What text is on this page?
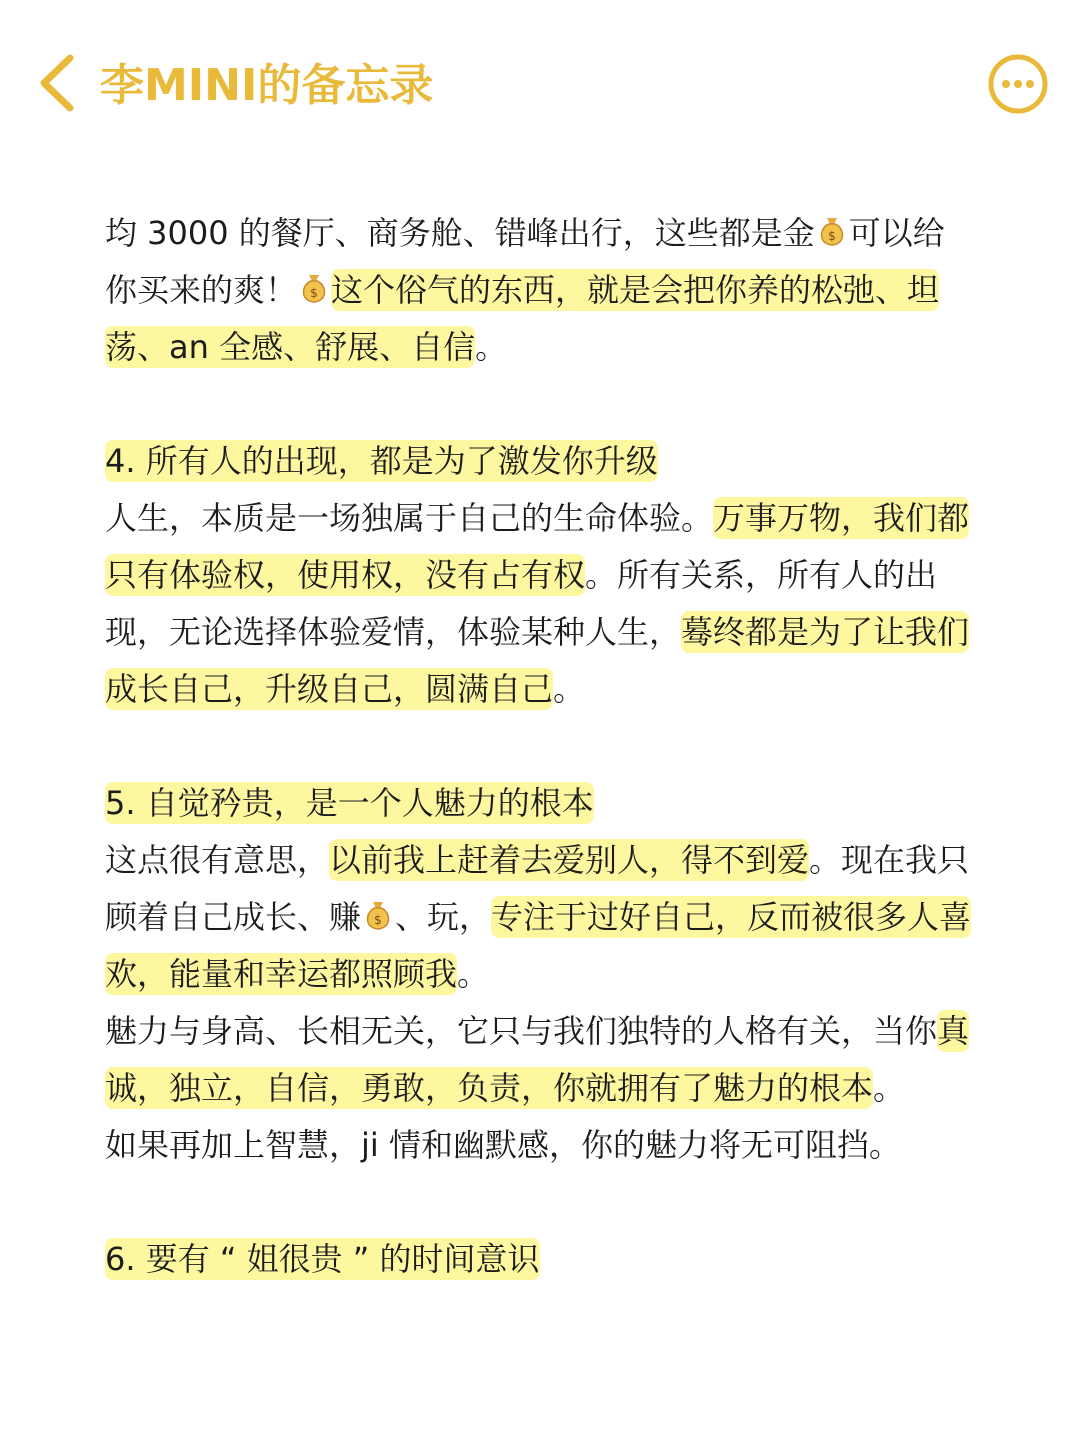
李MINI的备忘录

均 3000 的餐厅、商务舱、错峰出行，这些都是金 $ 可以给你买来的爽！ $ 这个俗气的东西，就是会把你养的松弛、坦荡、an 全感、舒展、自信。

4. 所有人的出现，都是为了激发你升级

人生，本质是一场独属于自己的生命体验。万事万物，我们都只有体验权，使用权，没有占有权。所有关系，所有人的出现，无论选择体验爱情，体验某种人生，蓦终都是为了让我们成长自己，升级自己，圆满自己。

5. 自觉矜贵，是一个人魅力的根本

这点很有意思，以前我上赶着去爱别人，得不到爱。现在我只顾着自己成长、赚 $ 、玩，专注于过好自己，反而被很多人喜欢，能量和幸运都照顾我。

魅力与身高、长相无关，它只与我们独特的人格有关，当你真诚，独立，自信，勇敢，负责，你就拥有了魅力的根本。

如果再加上智慧，ji 情和幽默感，你的魅力将无可阻挡。

6. 要有 “ 姐很贵 ” 的时间意识
